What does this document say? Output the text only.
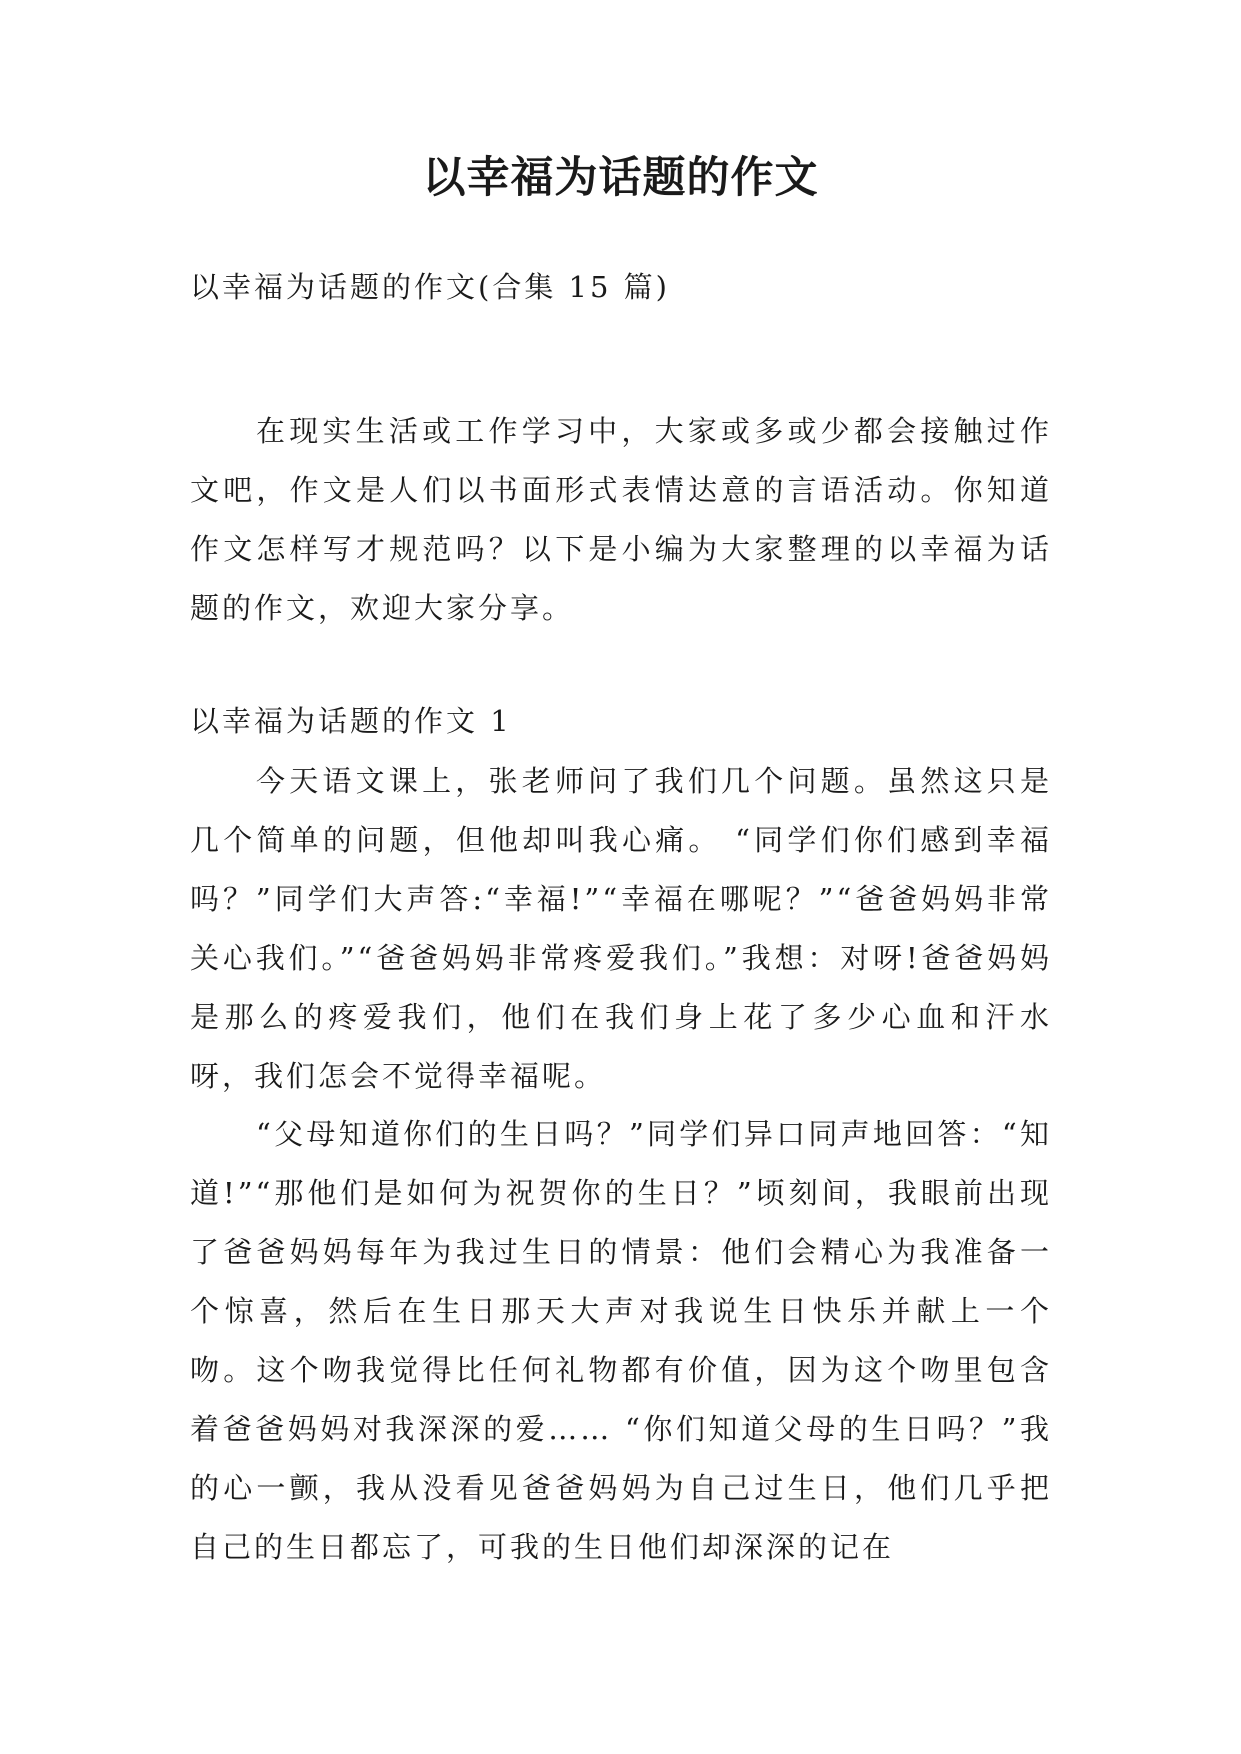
以幸福为话题的作文

以幸福为话题的作文(合集 15 篇)

在现实生活或工作学习中，大家或多或少都会接触过作文吧，作文是人们以书面形式表情达意的言语活动。你知道作文怎样写才规范吗？以下是小编为大家整理的以幸福为话题的作文，欢迎大家分享。

以幸福为话题的作文 1

今天语文课上，张老师问了我们几个问题。虽然这只是几个简单的问题，但他却叫我心痛。 “同学们你们感到幸福吗？”同学们大声答:“幸福!”“幸福在哪呢？”“爸爸妈妈非常关心我们。”“爸爸妈妈非常疼爱我们。”我想：对呀!爸爸妈妈是那么的疼爱我们，他们在我们身上花了多少心血和汗水呀，我们怎会不觉得幸福呢。

“父母知道你们的生日吗？”同学们异口同声地回答：“知道!”“那他们是如何为祝贺你的生日？”顷刻间，我眼前出现了爸爸妈妈每年为我过生日的情景：他们会精心为我准备一个惊喜，然后在生日那天大声对我说生日快乐并献上一个吻。这个吻我觉得比任何礼物都有价值，因为这个吻里包含着爸爸妈妈对我深深的爱…… “你们知道父母的生日吗？”我的心一颤，我从没看见爸爸妈妈为自己过生日，他们几乎把自己的生日都忘了，可我的生日他们却深深的记在
